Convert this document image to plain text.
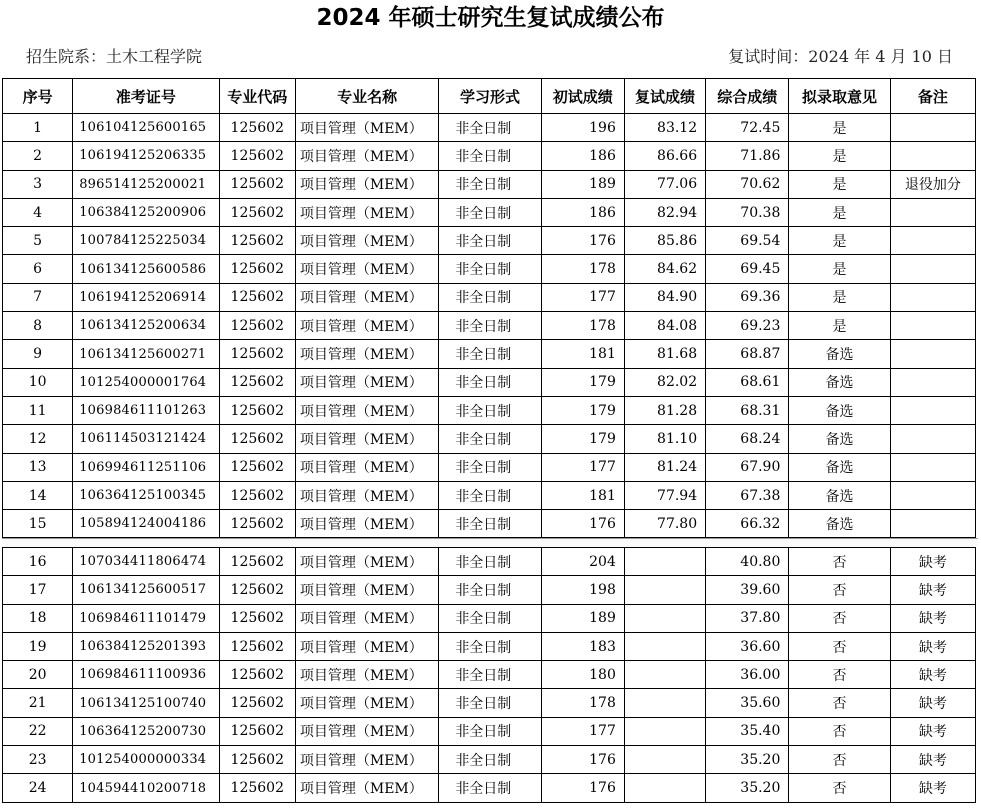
2024 年硕士研究生复试成绩公布
招生院系：土木工程学院	复试时间：2024 年 4 月 10 日
序号	准考证号	专业代码	专业名称	学习形式	初试成绩	复试成绩	综合成绩	拟录取意见	备注
1	106104125600165	125602	项目管理（MEM）	非全日制	196	83.12	72.45	是	
2	106194125206335	125602	项目管理（MEM）	非全日制	186	86.66	71.86	是	
3	896514125200021	125602	项目管理（MEM）	非全日制	189	77.06	70.62	是	退役加分
4	106384125200906	125602	项目管理（MEM）	非全日制	186	82.94	70.38	是	
5	100784125225034	125602	项目管理（MEM）	非全日制	176	85.86	69.54	是	
6	106134125600586	125602	项目管理（MEM）	非全日制	178	84.62	69.45	是	
7	106194125206914	125602	项目管理（MEM）	非全日制	177	84.90	69.36	是	
8	106134125200634	125602	项目管理（MEM）	非全日制	178	84.08	69.23	是	
9	106134125600271	125602	项目管理（MEM）	非全日制	181	81.68	68.87	备选	
10	101254000001764	125602	项目管理（MEM）	非全日制	179	82.02	68.61	备选	
11	106984611101263	125602	项目管理（MEM）	非全日制	179	81.28	68.31	备选	
12	106114503121424	125602	项目管理（MEM）	非全日制	179	81.10	68.24	备选	
13	106994611251106	125602	项目管理（MEM）	非全日制	177	81.24	67.90	备选	
14	106364125100345	125602	项目管理（MEM）	非全日制	181	77.94	67.38	备选	
15	105894124004186	125602	项目管理（MEM）	非全日制	176	77.80	66.32	备选	
16	107034411806474	125602	项目管理（MEM）	非全日制	204		40.80	否	缺考
17	106134125600517	125602	项目管理（MEM）	非全日制	198		39.60	否	缺考
18	106984611101479	125602	项目管理（MEM）	非全日制	189		37.80	否	缺考
19	106384125201393	125602	项目管理（MEM）	非全日制	183		36.60	否	缺考
20	106984611100936	125602	项目管理（MEM）	非全日制	180		36.00	否	缺考
21	106134125100740	125602	项目管理（MEM）	非全日制	178		35.60	否	缺考
22	106364125200730	125602	项目管理（MEM）	非全日制	177		35.40	否	缺考
23	101254000000334	125602	项目管理（MEM）	非全日制	176		35.20	否	缺考
24	104594410200718	125602	项目管理（MEM）	非全日制	176		35.20	否	缺考
